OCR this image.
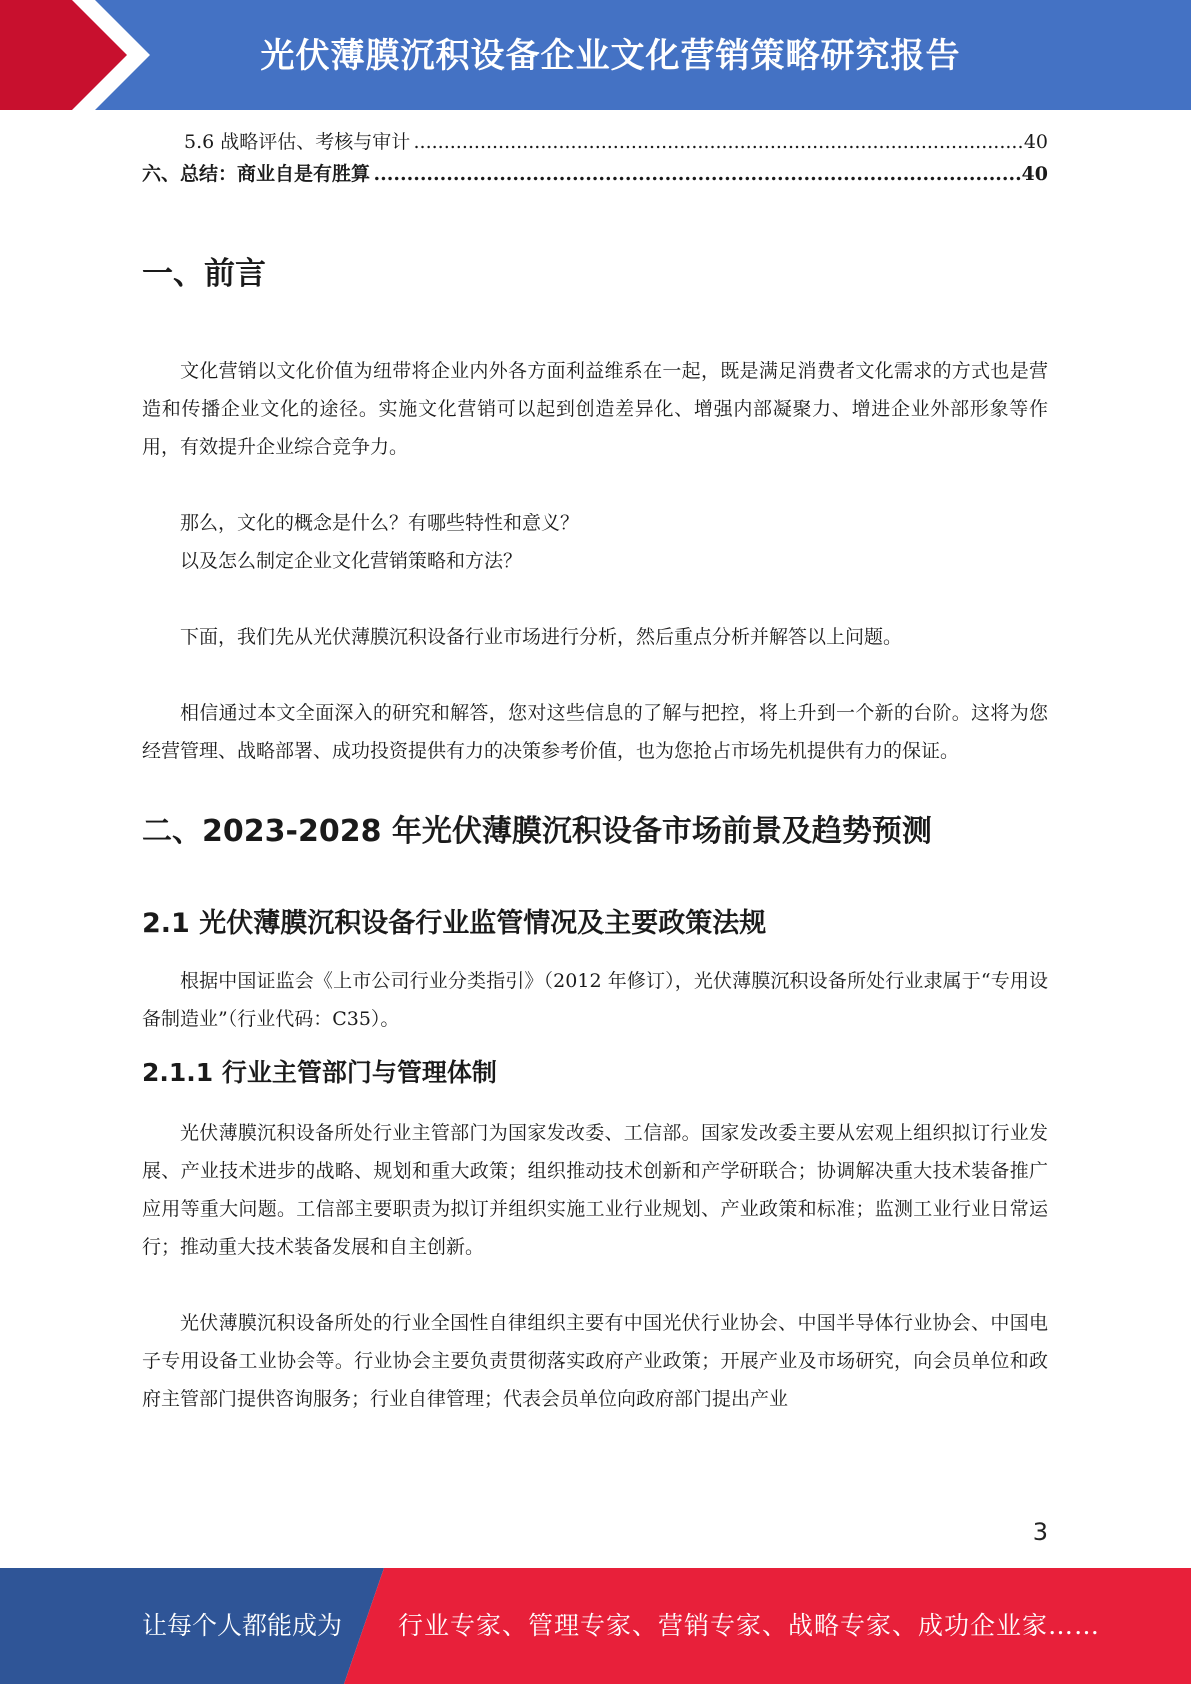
光伏薄膜沉积设备企业文化营销策略研究报告
.....
5.6 战略评估、考核与审计	40
.....
六、总结：商业自是有胜算	40
一、前言

文化营销以文化价值为纽带将企业内外各方面利益维系在一起，既是满足消费者文化需求的方式也是营造和传播企业文化的途径。实施文化营销可以起到创造差异化、增强内部凝聚力、增进企业外部形象等作用，有效提升企业综合竞争力。

那么，文化的概念是什么？有哪些特性和意义？

以及怎么制定企业文化营销策略和方法？

下面，我们先从光伏薄膜沉积设备行业市场进行分析，然后重点分析并解答以上问题。

相信通过本文全面深入的研究和解答，您对这些信息的了解与把控，将上升到一个新的台阶。这将为您经营管理、战略部署、成功投资提供有力的决策参考价值，也为您抢占市场先机提供有力的保证。

二、2023-2028 年光伏薄膜沉积设备市场前景及趋势预测
2.1 光伏薄膜沉积设备行业监管情况及主要政策法规

根据中国证监会《上市公司行业分类指引》（2012 年修订），光伏薄膜沉积设备所处行业隶属于“专用设备制造业”（行业代码：C35）。

2.1.1 行业主管部门与管理体制

光伏薄膜沉积设备所处行业主管部门为国家发改委、工信部。国家发改委主要从宏观上组织拟订行业发展、产业技术进步的战略、规划和重大政策；组织推动技术创新和产学研联合；协调解决重大技术装备推广应用等重大问题。工信部主要职责为拟订并组织实施工业行业规划、产业政策和标准；监测工业行业日常运行；推动重大技术装备发展和自主创新。

光伏薄膜沉积设备所处的行业全国性自律组织主要有中国光伏行业协会、中国半导体行业协会、中国电子专用设备工业协会等。行业协会主要负责贯彻落实政府产业政策；开展产业及市场研究，向会员单位和政府主管部门提供咨询服务；行业自律管理；代表会员单位向政府部门提出产业

3
让每个人都能成为 行业专家、管理专家、营销专家、战略专家、成功企业家……
